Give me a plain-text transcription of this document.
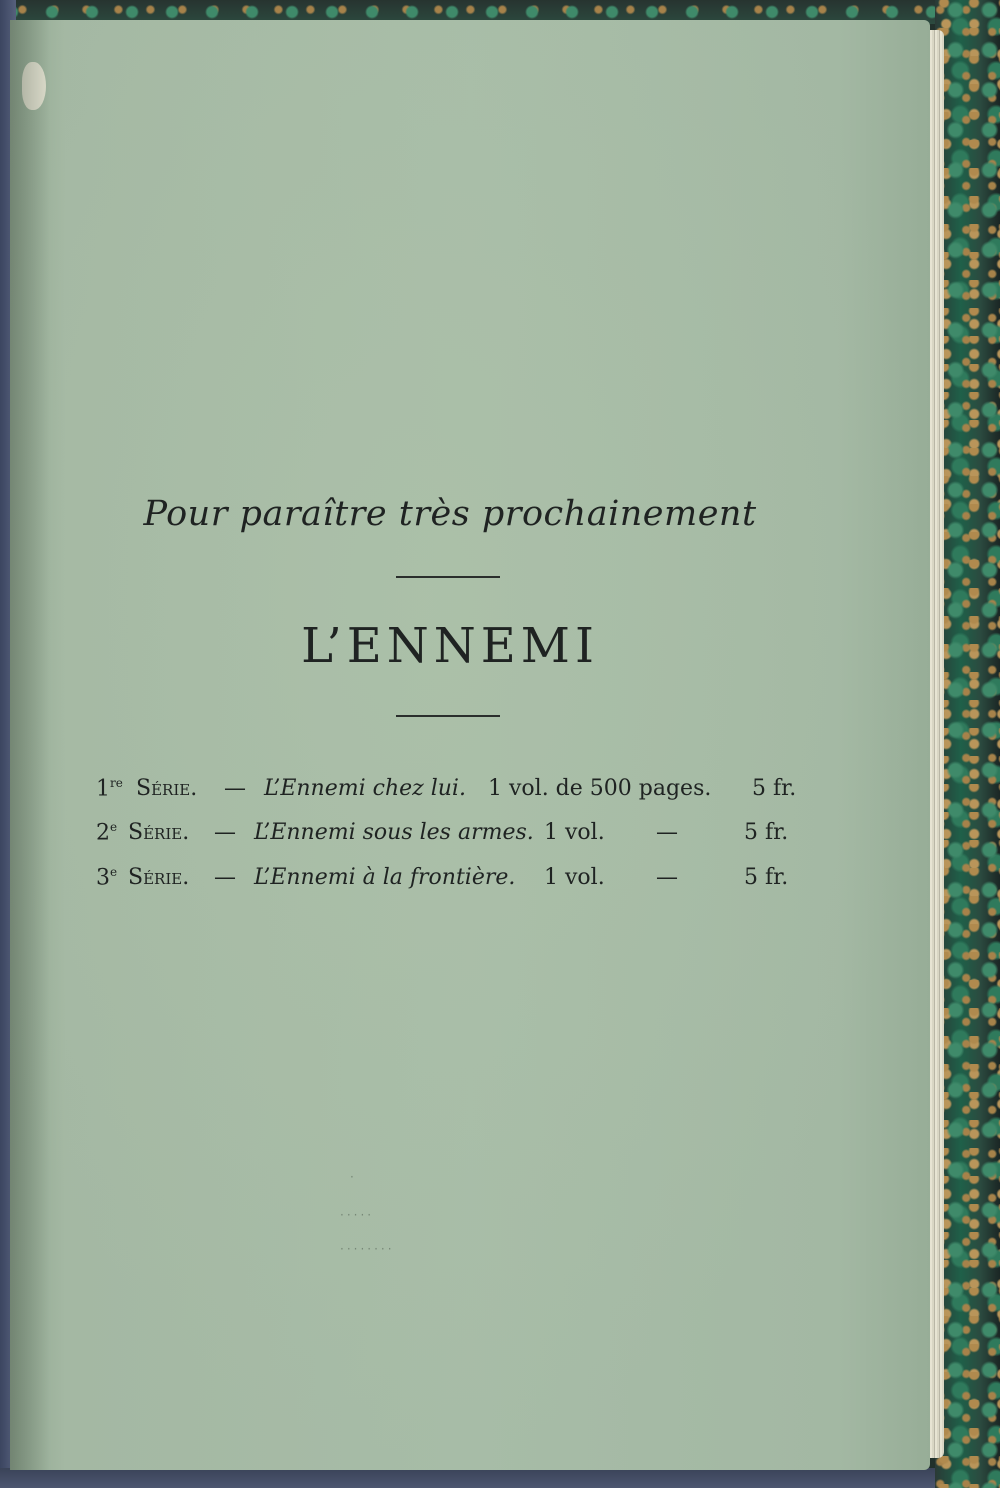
Pour paraître très prochainement
L’ENNEMI
1re Série. — L’Ennemi chez lui. 1 vol. de 500 pages. 5 fr.
2e Série. — L’Ennemi sous les armes. 1 vol. —	5 fr.
3e Série. — L’Ennemi à la frontière. 1 vol. —	5 fr.
·
·····
········
